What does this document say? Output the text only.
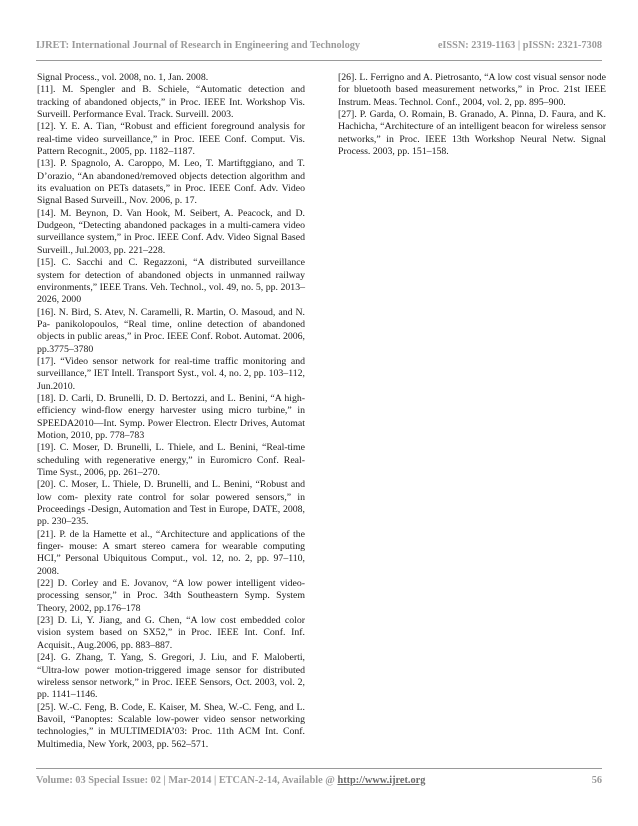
IJRET: International Journal of Research in Engineering and Technology	eISSN: 2319-1163 | pISSN: 2321-7308

Signal Process., vol. 2008, no. 1, Jan. 2008.

[11]. M. Spengler and B. Schiele, “Automatic detection and tracking of abandoned objects,” in Proc. IEEE Int. Workshop Vis. Surveill. Performance Eval. Track. Surveill. 2003.

[12]. Y. E. A. Tian, “Robust and efficient foreground analysis for real-time video surveillance,” in Proc. IEEE Conf. Comput. Vis. Pattern Recognit., 2005, pp. 1182–1187.

[13]. P. Spagnolo, A. Caroppo, M. Leo, T. Martiftggiano, and T. D’orazio, “An abandoned/removed objects detection algorithm and its evaluation on PETs datasets,” in Proc. IEEE Conf. Adv. Video Signal Based Surveill., Nov. 2006, p. 17.

[14]. M. Beynon, D. Van Hook, M. Seibert, A. Peacock, and D. Dudgeon, “Detecting abandoned packages in a multi-camera video surveillance system,” in Proc. IEEE Conf. Adv. Video Signal Based Surveill., Jul.2003, pp. 221–228.

[15]. C. Sacchi and C. Regazzoni, “A distributed surveillance system for detection of abandoned objects in unmanned railway environments,” IEEE Trans. Veh. Technol., vol. 49, no. 5, pp. 2013–2026, 2000

[16]. N. Bird, S. Atev, N. Caramelli, R. Martin, O. Masoud, and N. Pa- panikolopoulos, “Real time, online detection of abandoned objects in public areas,” in Proc. IEEE Conf. Robot. Automat. 2006, pp.3775–3780

[17]. “Video sensor network for real-time traffic monitoring and surveillance,” IET Intell. Transport Syst., vol. 4, no. 2, pp. 103–112, Jun.2010.

[18]. D. Carli, D. Brunelli, D. D. Bertozzi, and L. Benini, “A high-efficiency wind-flow energy harvester using micro turbine,” in SPEEDA2010—Int. Symp. Power Electron. Electr Drives, Automat Motion, 2010, pp. 778–783

[19]. C. Moser, D. Brunelli, L. Thiele, and L. Benini, “Real-time scheduling with regenerative energy,” in Euromicro Conf. Real-Time Syst., 2006, pp. 261–270.

[20]. C. Moser, L. Thiele, D. Brunelli, and L. Benini, “Robust and low com- plexity rate control for solar powered sensors,” in Proceedings -Design, Automation and Test in Europe, DATE, 2008, pp. 230–235.

[21]. P. de la Hamette et al., “Architecture and applications of the finger- mouse: A smart stereo camera for wearable computing HCI,” Personal Ubiquitous Comput., vol. 12, no. 2, pp. 97–110, 2008.

[22] D. Corley and E. Jovanov, “A low power intelligent video-processing sensor,” in Proc. 34th Southeastern Symp. System Theory, 2002, pp.176–178

[23] D. Li, Y. Jiang, and G. Chen, “A low cost embedded color vision system based on SX52,” in Proc. IEEE Int. Conf. Inf. Acquisit., Aug.2006, pp. 883–887.

[24]. G. Zhang, T. Yang, S. Gregori, J. Liu, and F. Maloberti, “Ultra-low power motion-triggered image sensor for distributed wireless sensor network,” in Proc. IEEE Sensors, Oct. 2003, vol. 2, pp. 1141–1146.

[25]. W.-C. Feng, B. Code, E. Kaiser, M. Shea, W.-C. Feng, and L. Bavoil, “Panoptes: Scalable low-power video sensor networking technologies,” in MULTIMEDIA’03: Proc. 11th ACM Int. Conf. Multimedia, New York, 2003, pp. 562–571.

[26]. L. Ferrigno and A. Pietrosanto, “A low cost visual sensor node for bluetooth based measurement networks,” in Proc. 21st IEEE Instrum. Meas. Technol. Conf., 2004, vol. 2, pp. 895–900.

[27]. P. Garda, O. Romain, B. Granado, A. Pinna, D. Faura, and K. Hachicha, “Architecture of an intelligent beacon for wireless sensor networks,” in Proc. IEEE 13th Workshop Neural Netw. Signal Process. 2003, pp. 151–158.

Volume: 03 Special Issue: 02 | Mar-2014 | ETCAN-2-14, Available @ http://www.ijret.org	56
